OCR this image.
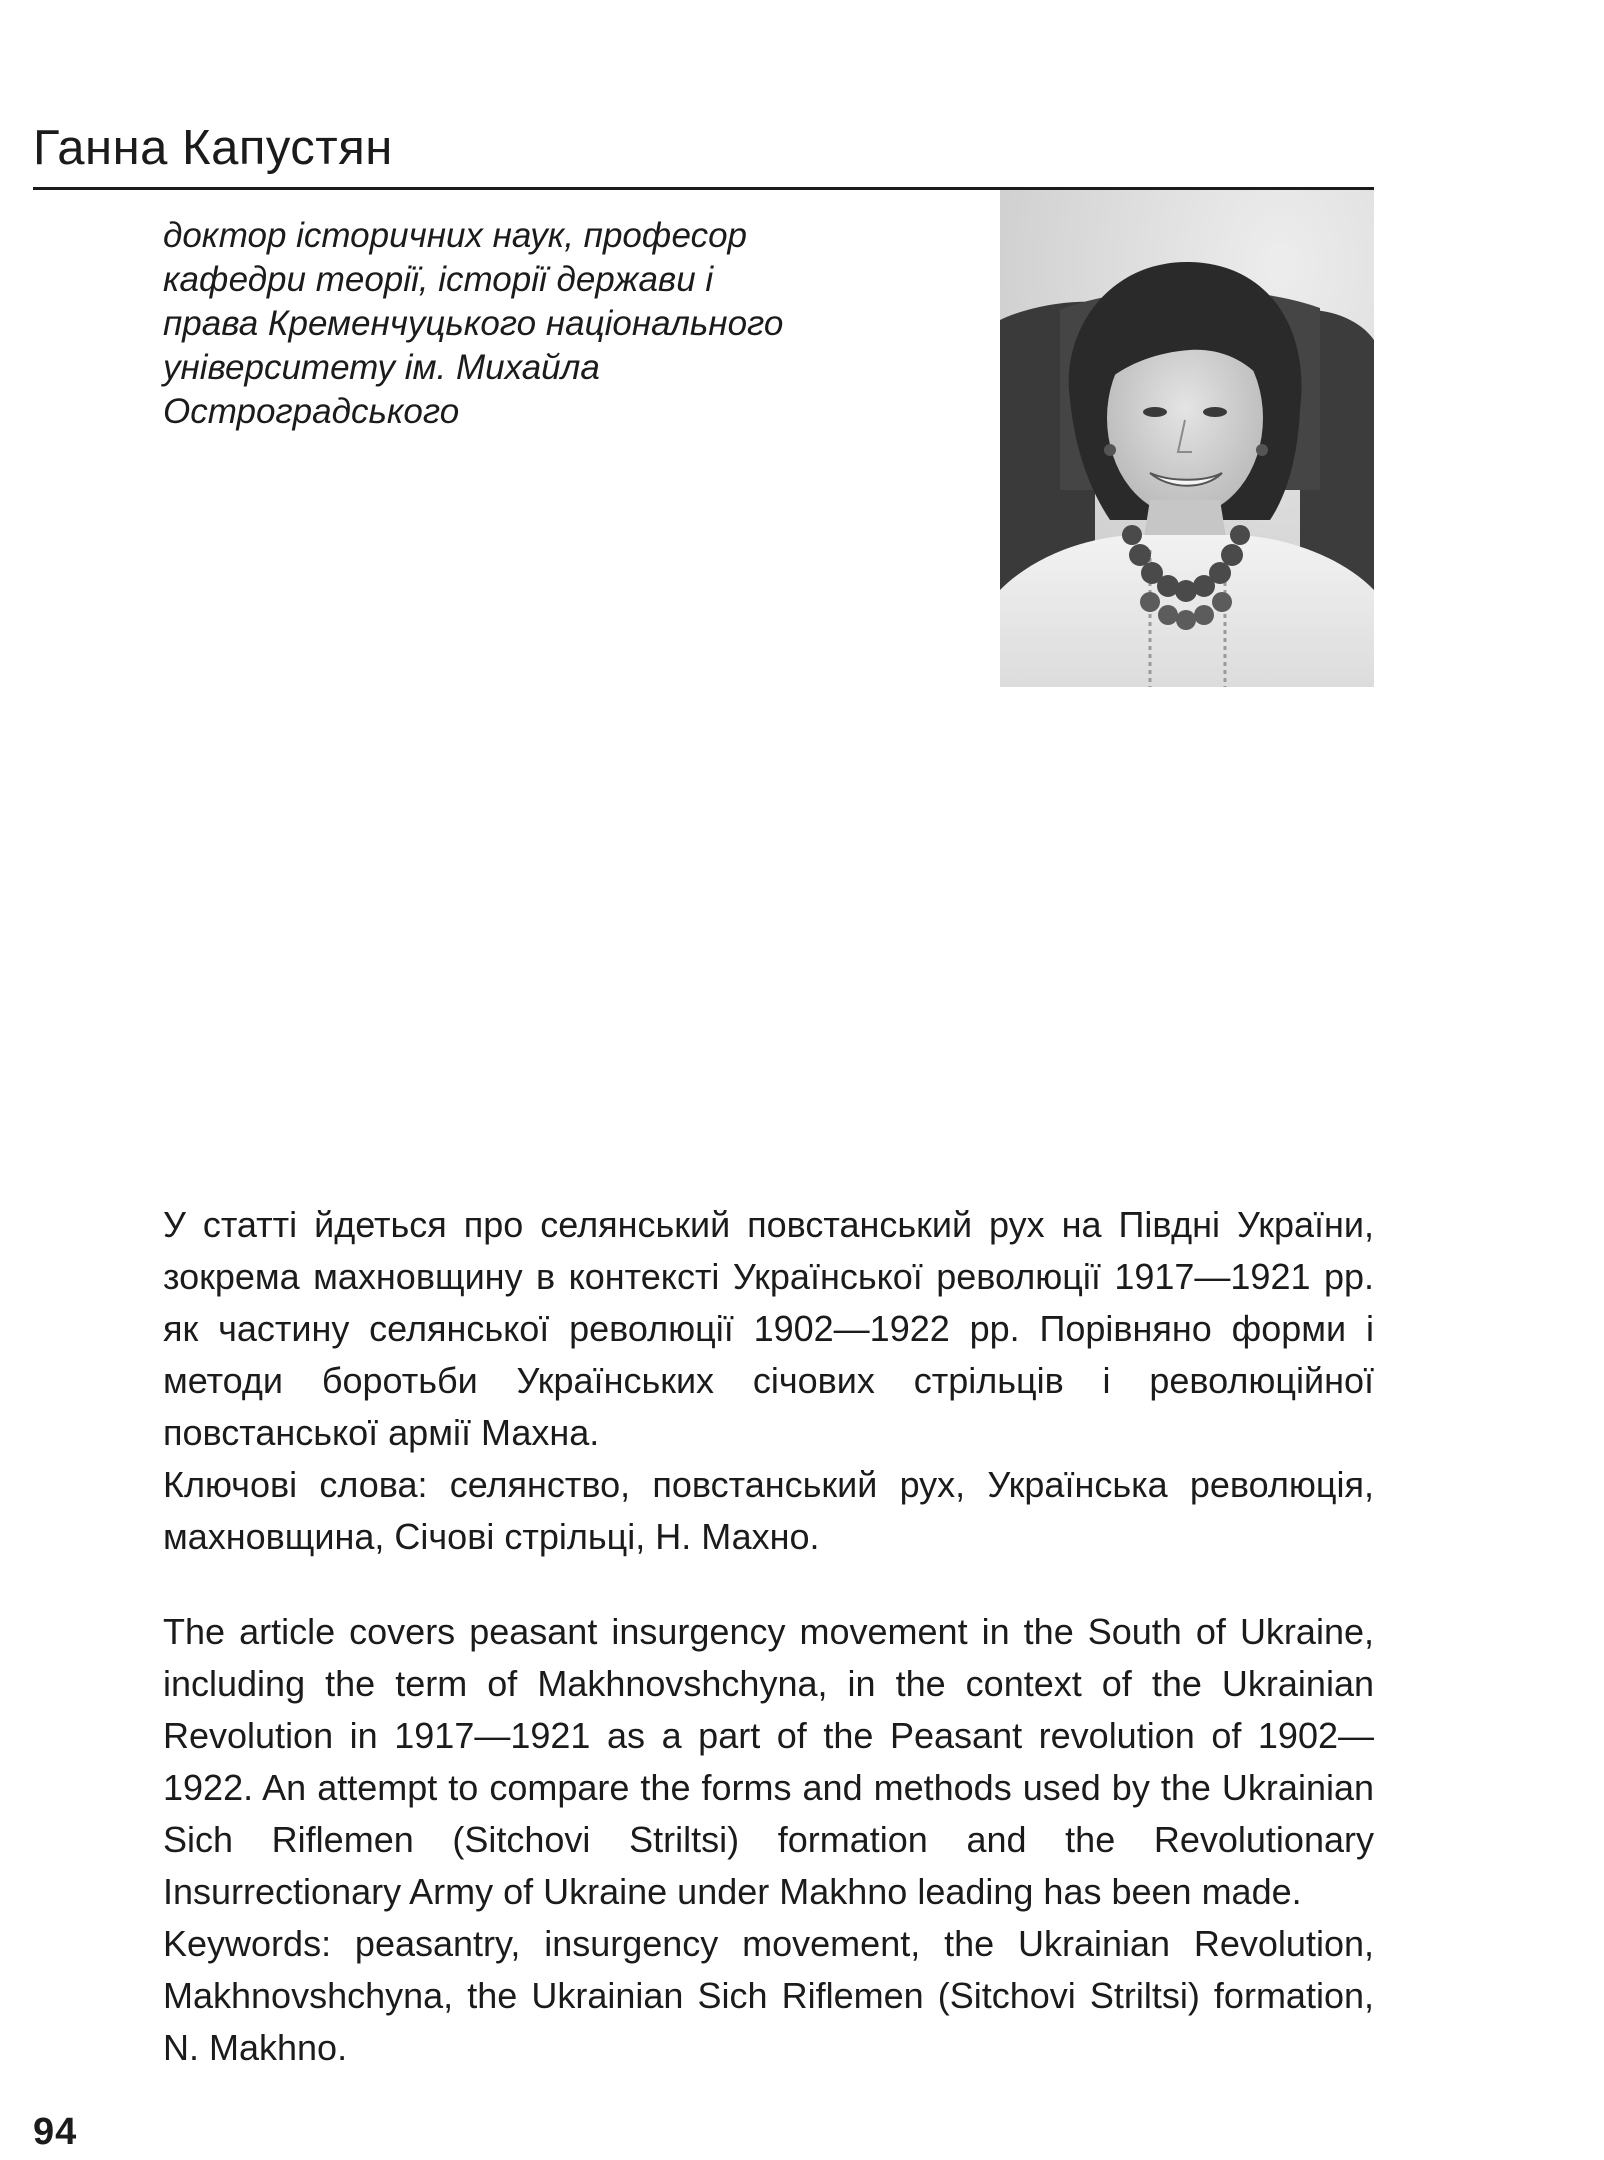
Ганна Капустян
доктор історичних наук, професор
кафедри теорії, історії держави і
права Кременчуцького національного
університету ім. Михайла
Остроградського

У статті йдеться про селянський повстанський рух на Півдні України, зокрема махновщину в контексті Української революції 1917—1921 рр. як частину селянської революції 1902—1922 рр. Порівняно форми і методи боротьби Українських січових стрільців і революційної повстанської армії Махна.

Ключові слова: селянство, повстанський рух, Українська революція, махновщина, Січові стрільці, Н. Махно.

The article covers peasant insurgency movement in the South of Ukraine, including the term of Makhnovshchyna, in the context of the Ukrainian Revolution in 1917—1921 as a part of the Peasant revolution of 1902—1922. An attempt to compare the forms and methods used by the Ukrainian Sich Riflemen (Sitchovi Striltsi) formation and the Revolutionary Insurrectionary Army of Ukraine under Makhno leading has been made.

Keywords: peasantry, insurgency movement, the Ukrainian Revolution, Makhnovshchyna, the Ukrainian Sich Riflemen (Sitchovi Striltsi) formation, N. Makhno.

94
